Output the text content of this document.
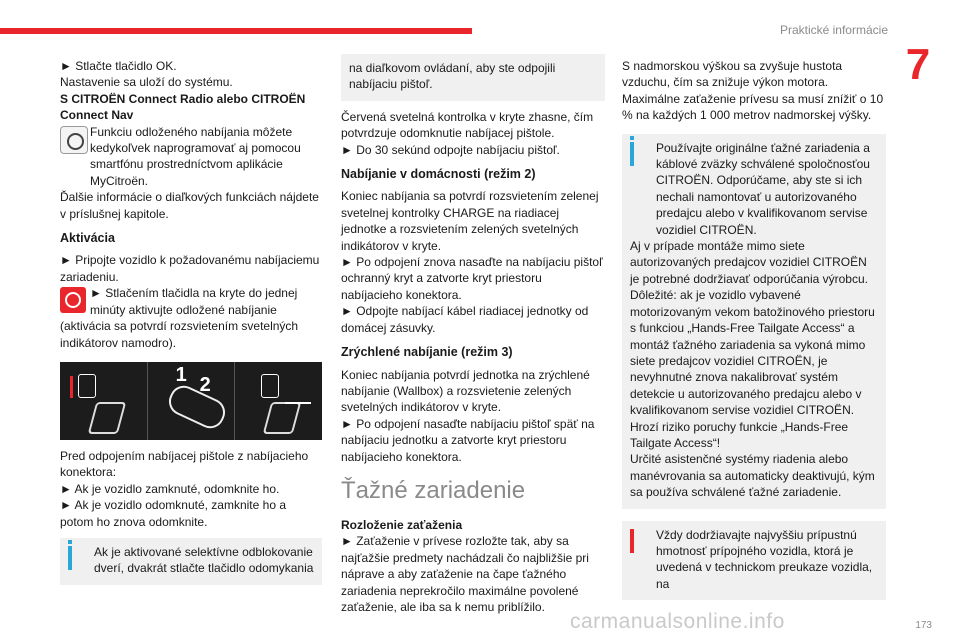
Praktické informácie
7

► Stlačte tlačidlo OK.

Nastavenie sa uloží do systému.

S CITROËN Connect Radio alebo CITROËN Connect Nav

Funkciu odloženého nabíjania môžete kedykoľvek naprogramovať aj pomocou smartfónu prostredníctvom aplikácie MyCitroën.

Ďalšie informácie o diaľkových funkciách nájdete v príslušnej kapitole.

Aktivácia

► Pripojte vozidlo k požadovanému nabíjaciemu zariadeniu.

► Stlačením tlačidla na kryte do jednej minúty aktivujte odložené nabíjanie

(aktivácia sa potvrdí rozsvietením svetelných indikátorov namodro).

1 2

Pred odpojením nabíjacej pištole z nabíjacieho konektora:

► Ak je vozidlo zamknuté, odomknite ho.

► Ak je vozidlo odomknuté, zamknite ho a potom ho znova odomknite.

Ak je aktivované selektívne odblokovanie dverí, dvakrát stlačte tlačidlo odomykania

na diaľkovom ovládaní, aby ste odpojili nabíjaciu pištoľ.

Červená svetelná kontrolka v kryte zhasne, čím potvrdzuje odomknutie nabíjacej pištole.

► Do 30 sekúnd odpojte nabíjaciu pištoľ.

Nabíjanie v domácnosti (režim 2)

Koniec nabíjania sa potvrdí rozsvietením zelenej svetelnej kontrolky CHARGE na riadiacej jednotke a rozsvietením zelených svetelných indikátorov v kryte.

► Po odpojení znova nasaďte na nabíjaciu pištoľ ochranný kryt a zatvorte kryt priestoru nabíjacieho konektora.

► Odpojte nabíjací kábel riadiacej jednotky od domácej zásuvky.

Zrýchlené nabíjanie (režim 3)

Koniec nabíjania potvrdí jednotka na zrýchlené nabíjanie (Wallbox) a rozsvietenie zelených svetelných indikátorov v kryte.

► Po odpojení nasaďte nabíjaciu pištoľ späť na nabíjaciu jednotku a zatvorte kryt priestoru nabíjacieho konektora.

Ťažné zariadenie

Rozloženie zaťaženia

► Zaťaženie v prívese rozložte tak, aby sa najťažšie predmety nachádzali čo najbližšie pri náprave a aby zaťaženie na čape ťažného zariadenia neprekročilo maximálne povolené zaťaženie, ale iba sa k nemu priblížilo.

S nadmorskou výškou sa zvyšuje hustota vzduchu, čím sa znižuje výkon motora. Maximálne zaťaženie prívesu sa musí znížiť o 10 % na každých 1 000 metrov nadmorskej výšky.

Používajte originálne ťažné zariadenia a káblové zväzky schválené spoločnosťou CITROËN. Odporúčame, aby ste si ich nechali namontovať u autorizovaného predajcu alebo v kvalifikovanom servise vozidiel CITROËN.

Aj v prípade montáže mimo siete autorizovaných predajcov vozidiel CITROËN je potrebné dodržiavať odporúčania výrobcu.

Dôležité: ak je vozidlo vybavené motorizovaným vekom batožinového priestoru s funkciou „Hands-Free Tailgate Access“ a montáž ťažného zariadenia sa vykoná mimo siete predajcov vozidiel CITROËN, je nevyhnutné znova nakalibrovať systém detekcie u autorizovaného predajcu alebo v kvalifikovanom servise vozidiel CITROËN. Hrozí riziko poruchy funkcie „Hands-Free Tailgate Access“!

Určité asistenčné systémy riadenia alebo manévrovania sa automaticky deaktivujú, kým sa používa schválené ťažné zariadenie.

Vždy dodržiavajte najvyššiu prípustnú hmotnosť prípojného vozidla, ktorá je uvedená v technickom preukaze vozidla, na

carmanualsonline.info	173
